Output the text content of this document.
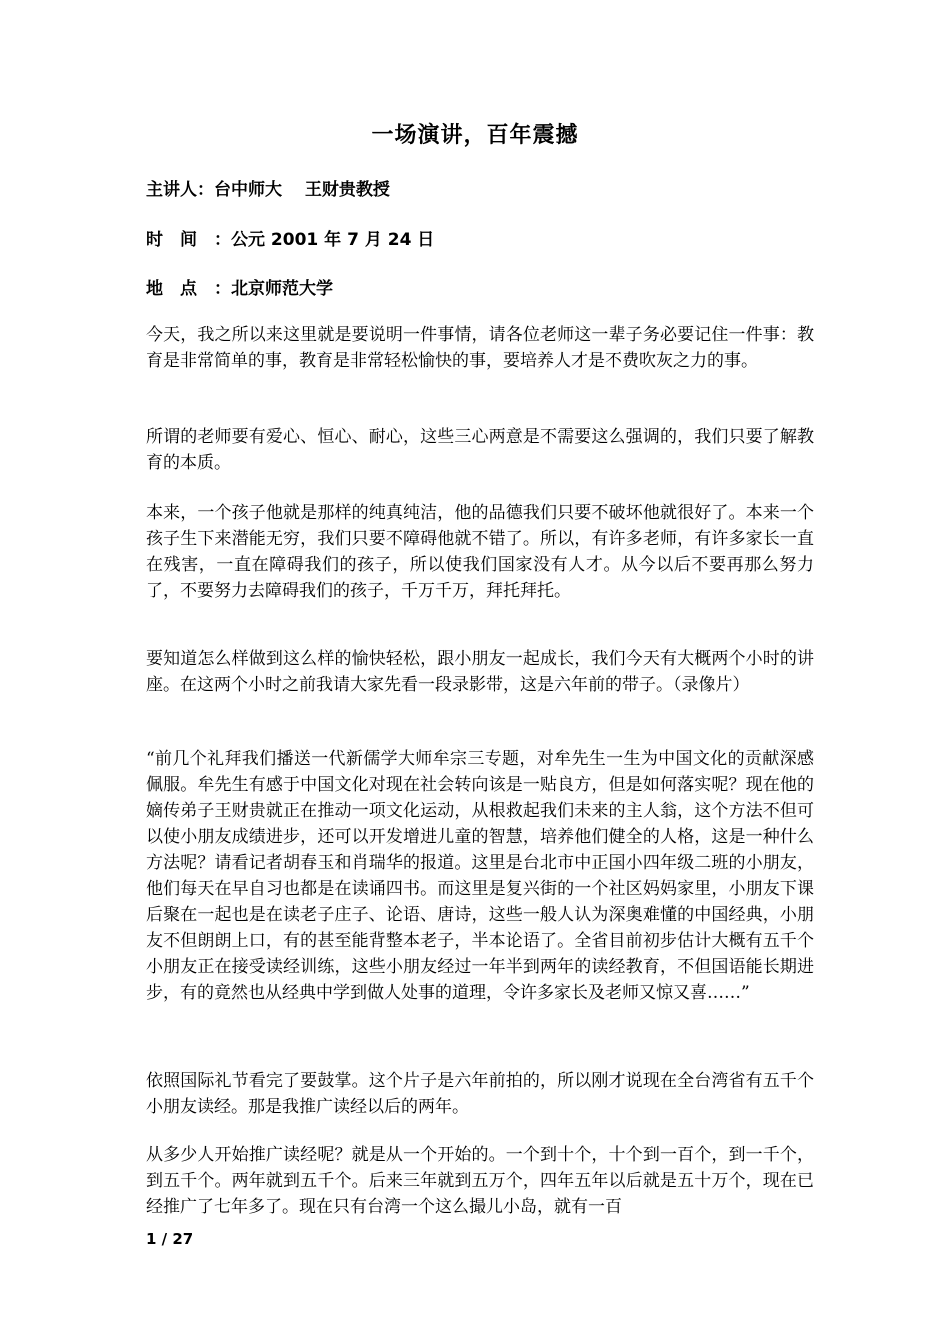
一场演讲，百年震撼
主讲人：台中师大　 王财贵教授
时　间　：公元 2001 年 7 月 24 日
地　点　：北京师范大学

今天，我之所以来这里就是要说明一件事情，请各位老师这一辈子务必要记住一件事：教育是非常简单的事，教育是非常轻松愉快的事，要培养人才是不费吹灰之力的事。

所谓的老师要有爱心、恒心、耐心，这些三心两意是不需要这么强调的，我们只要了解教　育的本质。

本来，一个孩子他就是那样的纯真纯洁，他的品德我们只要不破坏他就很好了。本来一个孩子生下来潜能无穷，我们只要不障碍他就不错了。所以，有许多老师，有许多家长一直在残害，一直在障碍我们的孩子，所以使我们国家没有人才。从今以后不要再那么努力了，不要努力去障碍我们的孩子，千万千万，拜托拜托。

要知道怎么样做到这么样的愉快轻松，跟小朋友一起成长，我们今天有大概两个小时的讲座。在这两个小时之前我请大家先看一段录影带，这是六年前的带子。（录像片）

“前几个礼拜我们播送一代新儒学大师牟宗三专题，对牟先生一生为中国文化的贡献深感佩服。牟先生有感于中国文化对现在社会转向该是一贴良方，但是如何落实呢？现在他的嫡传弟子王财贵就正在推动一项文化运动，从根救起我们未来的主人翁，这个方法不但可以使小朋友成绩进步，还可以开发增进儿童的智慧，培养他们健全的人格，这是一种什么方法呢？请看记者胡春玉和肖瑞华的报道。这里是台北市中正国小四年级二班的小朋友，他们每天在早自习也都是在读诵四书。而这里是复兴街的一个社区妈妈家里，小朋友下课后聚在一起也是在读老子庄子、论语、唐诗，这些一般人认为深奥难懂的中国经典，小朋友不但朗朗上口，有的甚至能背整本老子，半本论语了。全省目前初步估计大概有五千个小朋友正在接受读经训练，这些小朋友经过一年半到两年的读经教育，不但国语能长期进步，有的竟然也从经典中学到做人处事的道理，令许多家长及老师又惊又喜……”

依照国际礼节看完了要鼓掌。这个片子是六年前拍的，所以刚才说现在全台湾省有五千个小朋友读经。那是我推广读经以后的两年。

从多少人开始推广读经呢？就是从一个开始的。一个到十个，十个到一百个，到一千个，到五千个。两年就到五千个。后来三年就到五万个，四年五年以后就是五十万个，现在已经推广了七年多了。现在只有台湾一个这么撮儿小岛，就有一百

1 / 27
